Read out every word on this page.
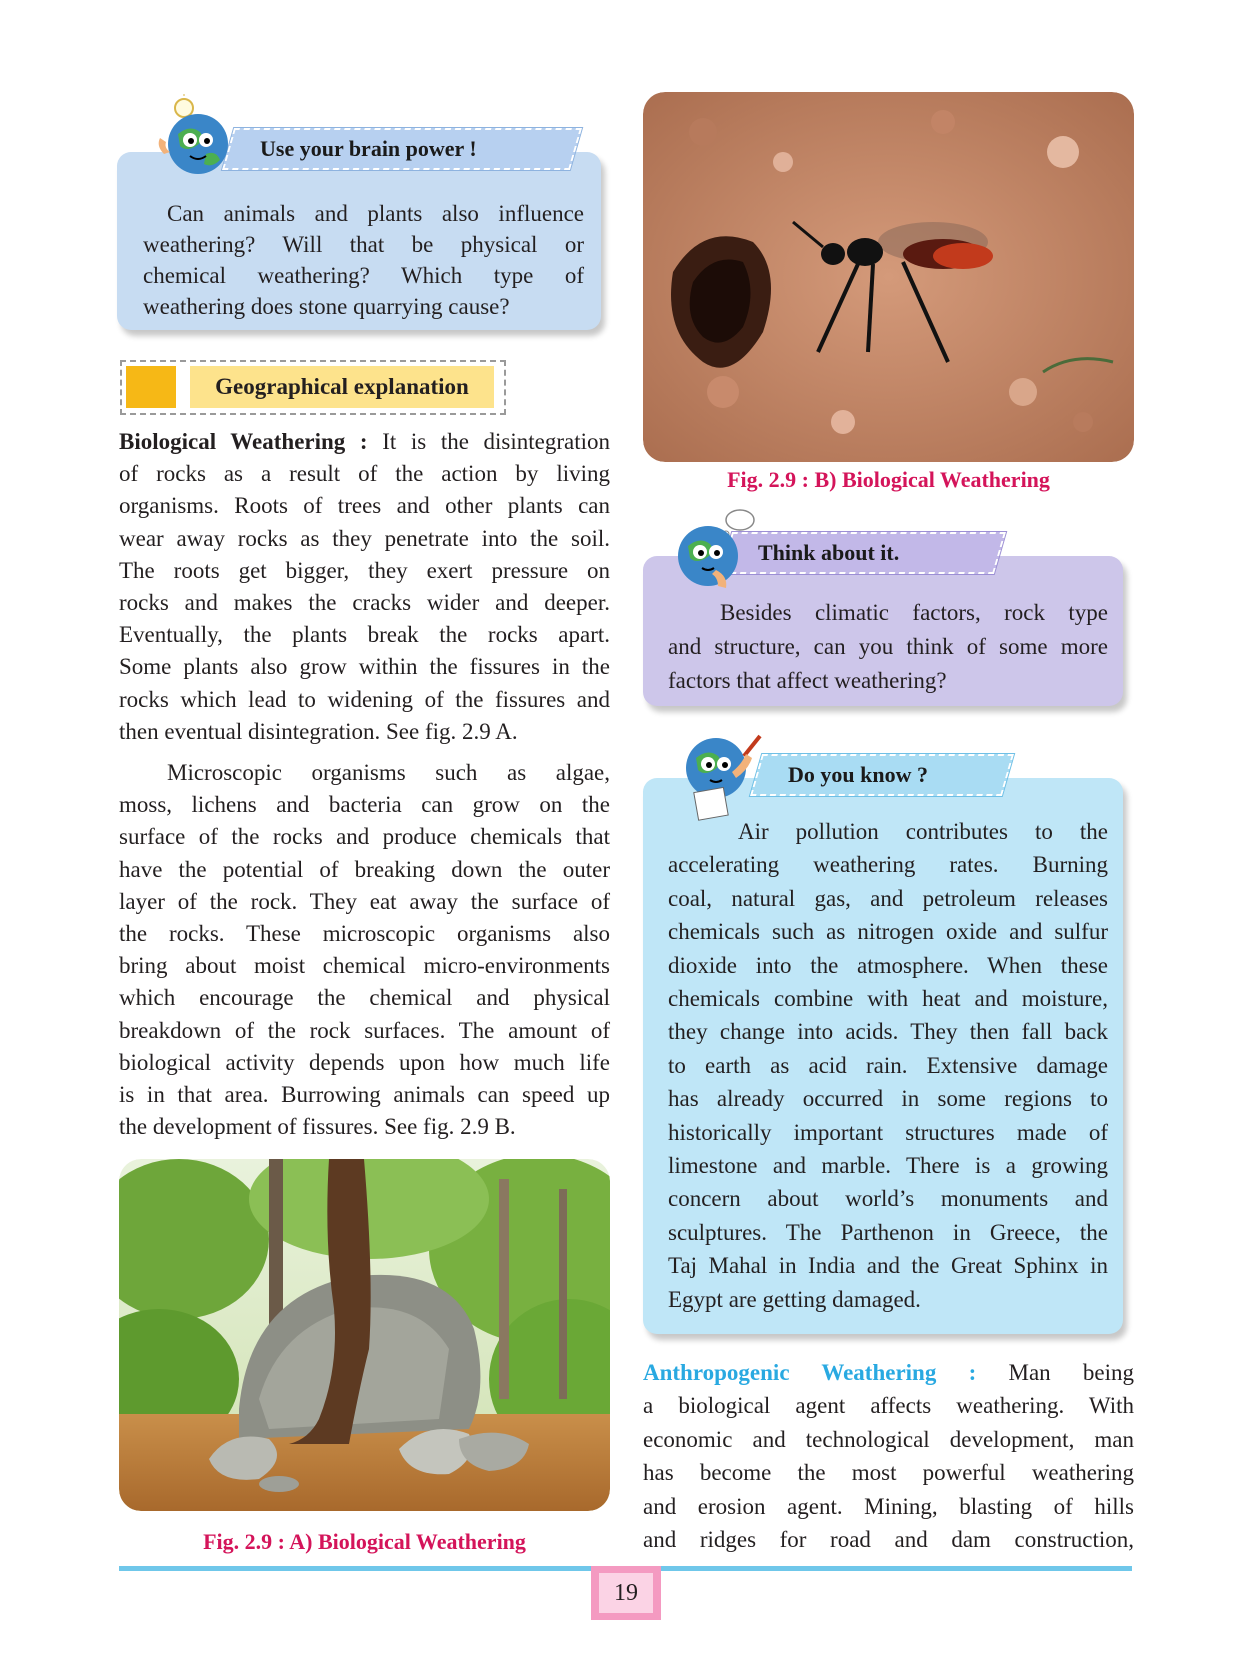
Use your brain power !

Can animals and plants also influence

weathering? Will that be physical or

chemical weathering? Which type of

weathering does stone quarrying cause?

Geographical explanation

Biological Weathering : It is the disintegration

of rocks as a result of the action by living

organisms. Roots of trees and other plants can

wear away rocks as they penetrate into the soil.

The roots get bigger, they exert pressure on

rocks and makes the cracks wider and deeper.

Eventually, the plants break the rocks apart.

Some plants also grow within the fissures in the

rocks which lead to widening of the fissures and

then eventual disintegration. See fig. 2.9 A.

Microscopic organisms such as algae,

moss, lichens and bacteria can grow on the

surface of the rocks and produce chemicals that

have the potential of breaking down the outer

layer of the rock. They eat away the surface of

the rocks. These microscopic organisms also

bring about moist chemical micro-environments

which encourage the chemical and physical

breakdown of the rock surfaces. The amount of

biological activity depends upon how much life

is in that area. Burrowing animals can speed up

the development of fissures. See fig. 2.9 B.

Fig. 2.9 : A) Biological Weathering
Fig. 2.9 : B) Biological Weathering
Think about it.

Besides climatic factors, rock type

and structure, can you think of some more

factors that affect weathering?

Do you know ?

Air pollution contributes to the

accelerating weathering rates. Burning

coal, natural gas, and petroleum releases

chemicals such as nitrogen oxide and sulfur

dioxide into the atmosphere. When these

chemicals combine with heat and moisture,

they change into acids. They then fall back

to earth as acid rain. Extensive damage

has already occurred in some regions to

historically important structures made of

limestone and marble. There is a growing

concern about world’s monuments and

sculptures. The Parthenon in Greece, the

Taj Mahal in India and the Great Sphinx in

Egypt are getting damaged.

Anthropogenic Weathering : Man being

a biological agent affects weathering. With

economic and technological development, man

has become the most powerful weathering

and erosion agent. Mining, blasting of hills

and ridges for road and dam construction,

19
